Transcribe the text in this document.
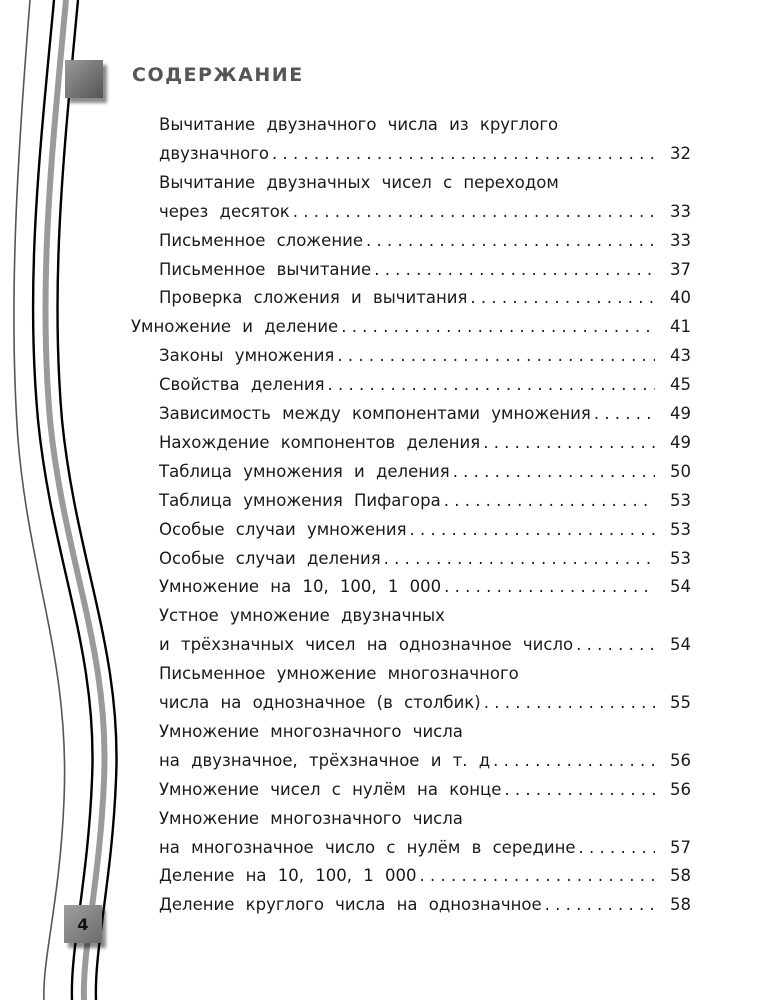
СОДЕРЖАНИЕ
Вычитание двузначного числа из круглого
двузначного . . .	32
Вычитание двузначных чисел с переходом
через десяток . . .	33
Письменное сложение . . .	33
Письменное вычитание . . .	37
Проверка сложения и вычитания . . .	40
Умножение и деление . . .	41
Законы умножения . . .	43
Свойства деления . . .	45
Зависимость между компонентами умножения . . .	49
Нахождение компонентов деления . . .	49
Таблица умножения и деления . . .	50
Таблица умножения Пифагора . . .	53
Особые случаи умножения . . .	53
Особые случаи деления . . .	53
Умножение на 10, 100, 1 000 . . .	54
Устное умножение двузначных
и трёхзначных чисел на однозначное число . . .	54
Письменное умножение многозначного
числа на однозначное (в столбик) . . .	55
Умножение многозначного числа
на двузначное, трёхзначное и т. д . . .	56
Умножение чисел с нулём на конце . . .	56
Умножение многозначного числа
на многозначное число с нулём в середине . . .	57
Деление на 10, 100, 1 000 . . .	58
Деление круглого числа на однозначное . . .	58
4
